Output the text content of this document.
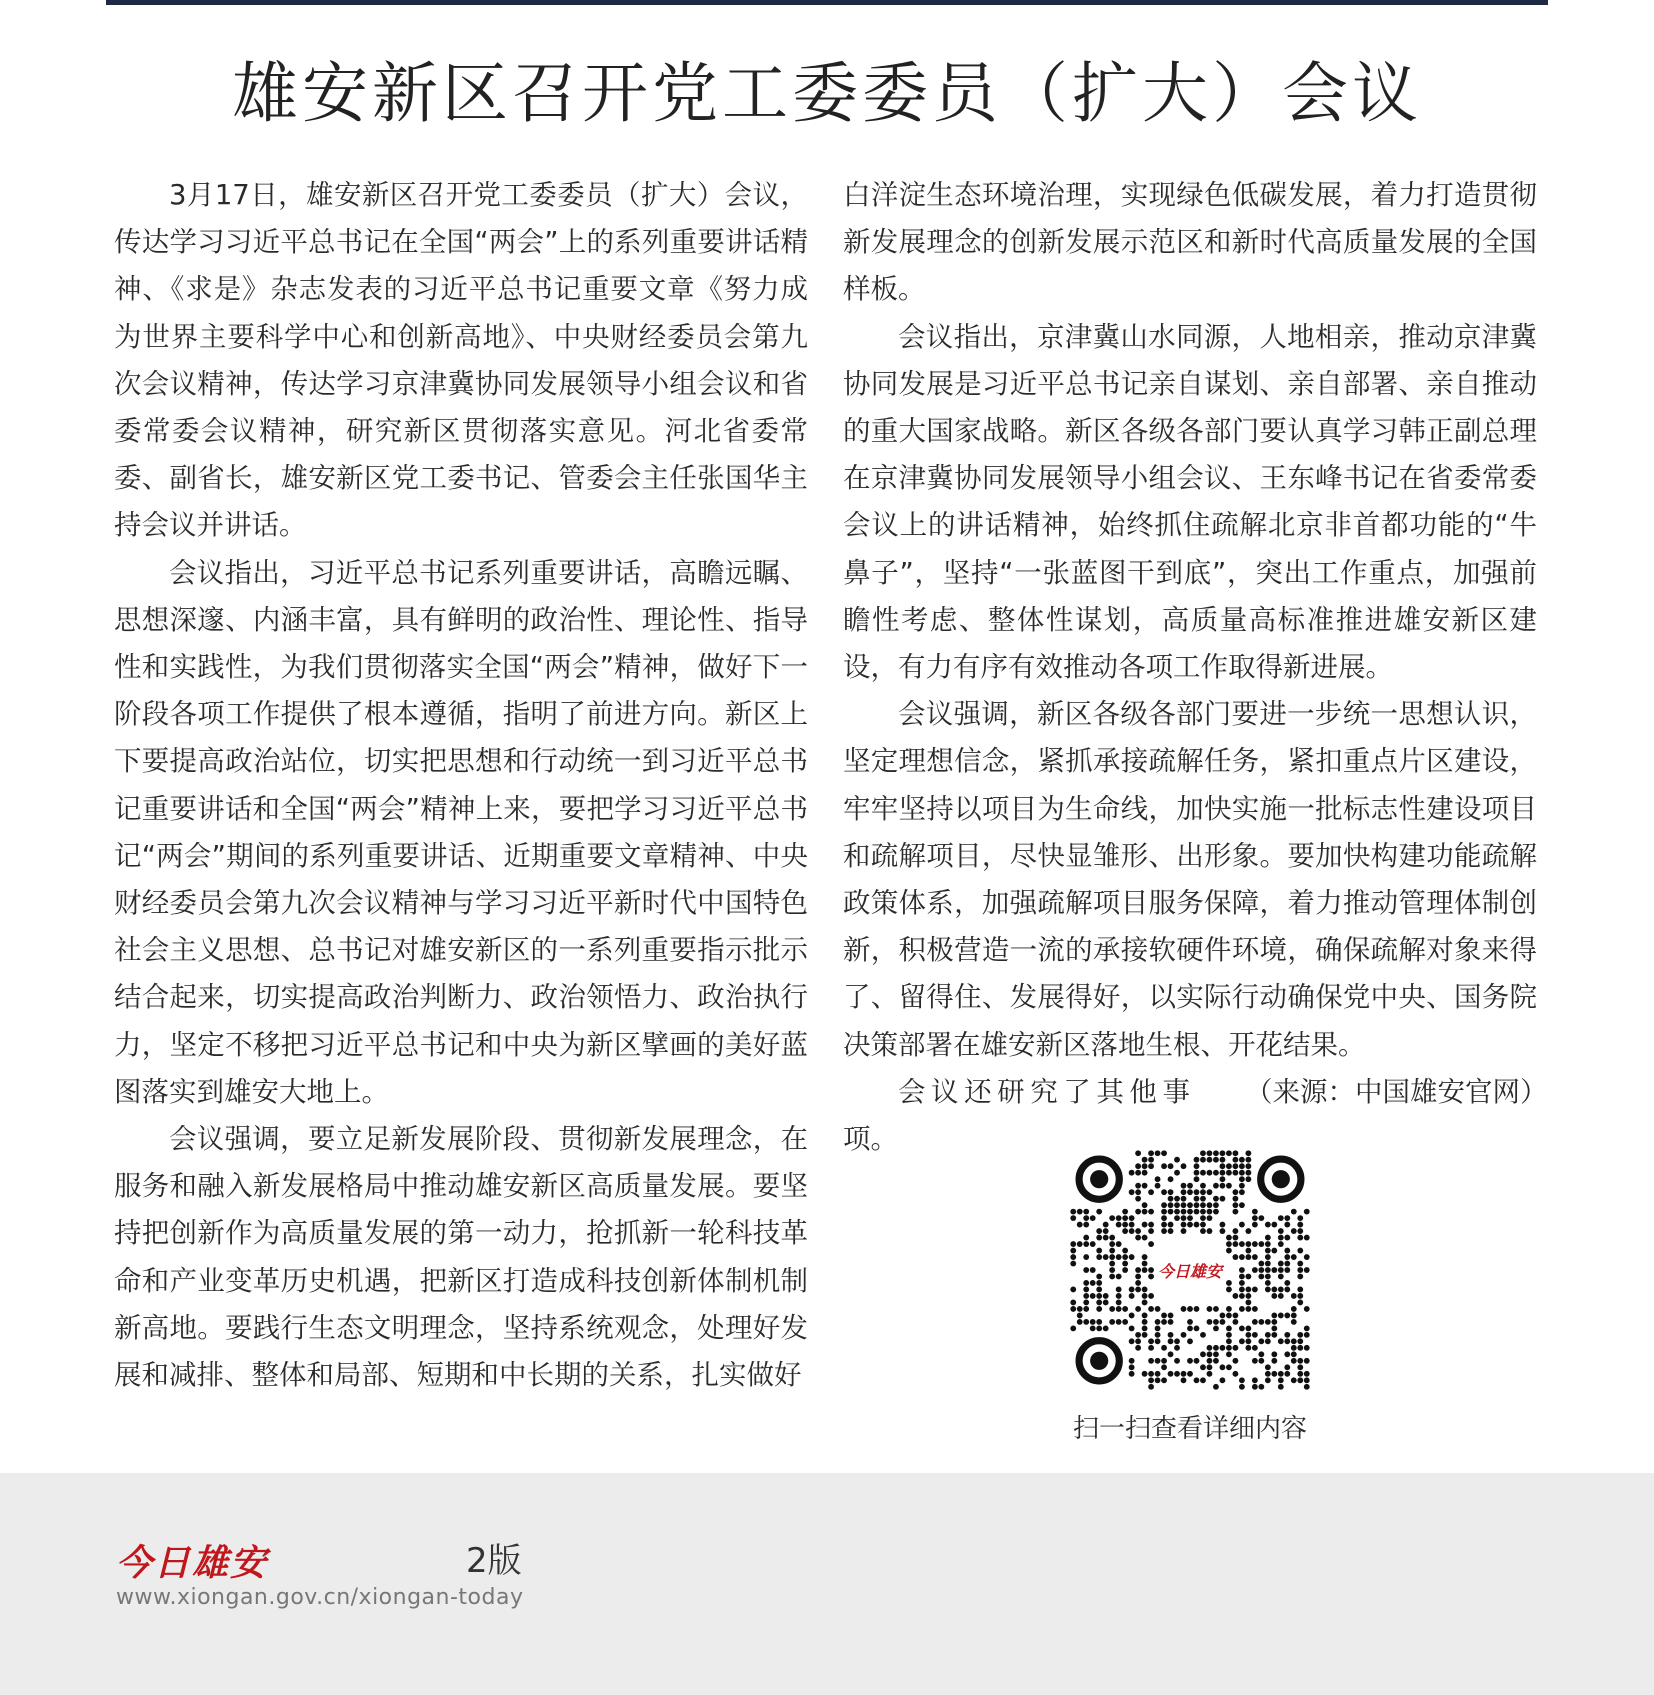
雄安新区召开党工委委员（扩大）会议

3月17日，雄安新区召开党工委委员（扩大）会议，传达学习习近平总书记在全国“两会”上的系列重要讲话精神、《求是》杂志发表的习近平总书记重要文章《努力成为世界主要科学中心和创新高地》、中央财经委员会第九次会议精神，传达学习京津冀协同发展领导小组会议和省委常委会议精神，研究新区贯彻落实意见。河北省委常委、副省长，雄安新区党工委书记、管委会主任张国华主持会议并讲话。

会议指出，习近平总书记系列重要讲话，高瞻远瞩、思想深邃、内涵丰富，具有鲜明的政治性、理论性、指导性和实践性，为我们贯彻落实全国“两会”精神，做好下一阶段各项工作提供了根本遵循，指明了前进方向。新区上下要提高政治站位，切实把思想和行动统一到习近平总书记重要讲话和全国“两会”精神上来，要把学习习近平总书记“两会”期间的系列重要讲话、近期重要文章精神、中央财经委员会第九次会议精神与学习习近平新时代中国特色社会主义思想、总书记对雄安新区的一系列重要指示批示结合起来，切实提高政治判断力、政治领悟力、政治执行力，坚定不移把习近平总书记和中央为新区擘画的美好蓝图落实到雄安大地上。

会议强调，要立足新发展阶段、贯彻新发展理念，在服务和融入新发展格局中推动雄安新区高质量发展。要坚持把创新作为高质量发展的第一动力，抢抓新一轮科技革命和产业变革历史机遇，把新区打造成科技创新体制机制新高地。要践行生态文明理念，坚持系统观念，处理好发展和减排、整体和局部、短期和中长期的关系，扎实做好

白洋淀生态环境治理，实现绿色低碳发展，着力打造贯彻新发展理念的创新发展示范区和新时代高质量发展的全国样板。

会议指出，京津冀山水同源，人地相亲，推动京津冀协同发展是习近平总书记亲自谋划、亲自部署、亲自推动的重大国家战略。新区各级各部门要认真学习韩正副总理在京津冀协同发展领导小组会议、王东峰书记在省委常委会议上的讲话精神，始终抓住疏解北京非首都功能的“牛鼻子”，坚持“一张蓝图干到底”，突出工作重点，加强前瞻性考虑、整体性谋划，高质量高标准推进雄安新区建设，有力有序有效推动各项工作取得新进展。

会议强调，新区各级各部门要进一步统一思想认识，坚定理想信念，紧抓承接疏解任务，紧扣重点片区建设，牢牢坚持以项目为生命线，加快实施一批标志性建设项目和疏解项目，尽快显雏形、出形象。要加快构建功能疏解政策体系，加强疏解项目服务保障，着力推动管理体制创新，积极营造一流的承接软硬件环境，确保疏解对象来得了、留得住、发展得好，以实际行动确保党中央、国务院决策部署在雄安新区落地生根、开花结果。

会议还研究了其他事项。
（来源：中国雄安官网）

今日雄安
扫一扫查看详细内容
今日雄安	2版
www.xiongan.gov.cn/xiongan-today
